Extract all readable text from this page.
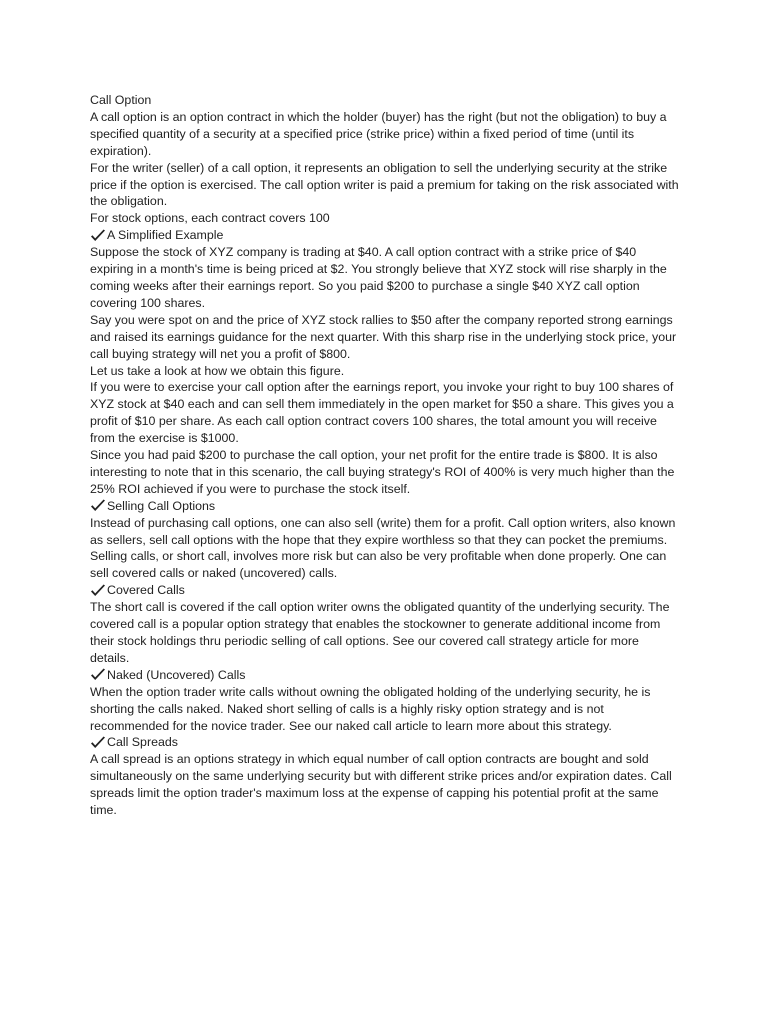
Call Option

A call option is an option contract in which the holder (buyer) has the right (but not the obligation) to buy a specified quantity of a security at a specified price (strike price) within a fixed period of time (until its expiration).

For the writer (seller) of a call option, it represents an obligation to sell the underlying security at the strike price if the option is exercised. The call option writer is paid a premium for taking on the risk associated with the obligation.

For stock options, each contract covers 100

A Simplified Example

Suppose the stock of XYZ company is trading at $40. A call option contract with a strike price of $40 expiring in a month's time is being priced at $2. You strongly believe that XYZ stock will rise sharply in the coming weeks after their earnings report. So you paid $200 to purchase a single $40 XYZ call option covering 100 shares.

Say you were spot on and the price of XYZ stock rallies to $50 after the company reported strong earnings and raised its earnings guidance for the next quarter. With this sharp rise in the underlying stock price, your call buying strategy will net you a profit of $800.

Let us take a look at how we obtain this figure.

If you were to exercise your call option after the earnings report, you invoke your right to buy 100 shares of XYZ stock at $40 each and can sell them immediately in the open market for $50 a share. This gives you a profit of $10 per share. As each call option contract covers 100 shares, the total amount you will receive from the exercise is $1000.

Since you had paid $200 to purchase the call option, your net profit for the entire trade is $800. It is also interesting to note that in this scenario, the call buying strategy's ROI of 400% is very much higher than the 25% ROI achieved if you were to purchase the stock itself.

Selling Call Options

Instead of purchasing call options, one can also sell (write) them for a profit. Call option writers, also known as sellers, sell call options with the hope that they expire worthless so that they can pocket the premiums. Selling calls, or short call, involves more risk but can also be very profitable when done properly. One can sell covered calls or naked (uncovered) calls.

Covered Calls

The short call is covered if the call option writer owns the obligated quantity of the underlying security. The covered call is a popular option strategy that enables the stockowner to generate additional income from their stock holdings thru periodic selling of call options. See our covered call strategy article for more details.

Naked (Uncovered) Calls

When the option trader write calls without owning the obligated holding of the underlying security, he is shorting the calls naked. Naked short selling of calls is a highly risky option strategy and is not recommended for the novice trader. See our naked call article to learn more about this strategy.

Call Spreads

A call spread is an options strategy in which equal number of call option contracts are bought and sold simultaneously on the same underlying security but with different strike prices and/or expiration dates. Call spreads limit the option trader's maximum loss at the expense of capping his potential profit at the same time.
